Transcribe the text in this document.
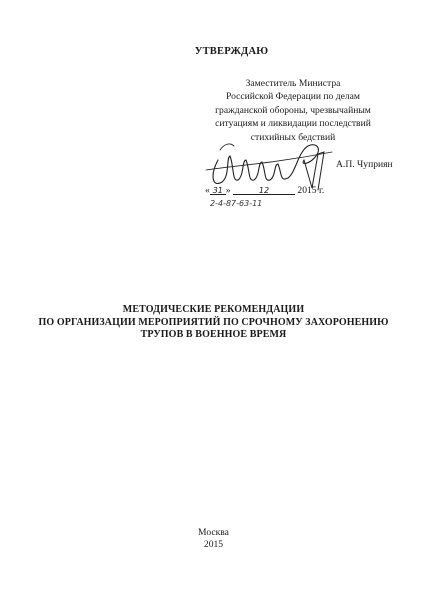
УТВЕРЖДАЮ
Заместитель Министра
Российской Федерации по делам
гражданской обороны, чрезвычайным
ситуациям и ликвидации последствий
стихийных бедствий
А.П. Чуприян
« 31 »	12	2015 г.
2-4-87-63-11
МЕТОДИЧЕСКИЕ РЕКОМЕНДАЦИИ
ПО ОРГАНИЗАЦИИ МЕРОПРИЯТИЙ ПО СРОЧНОМУ ЗАХОРОНЕНИЮ
ТРУПОВ В ВОЕННОЕ ВРЕМЯ
Москва
2015
